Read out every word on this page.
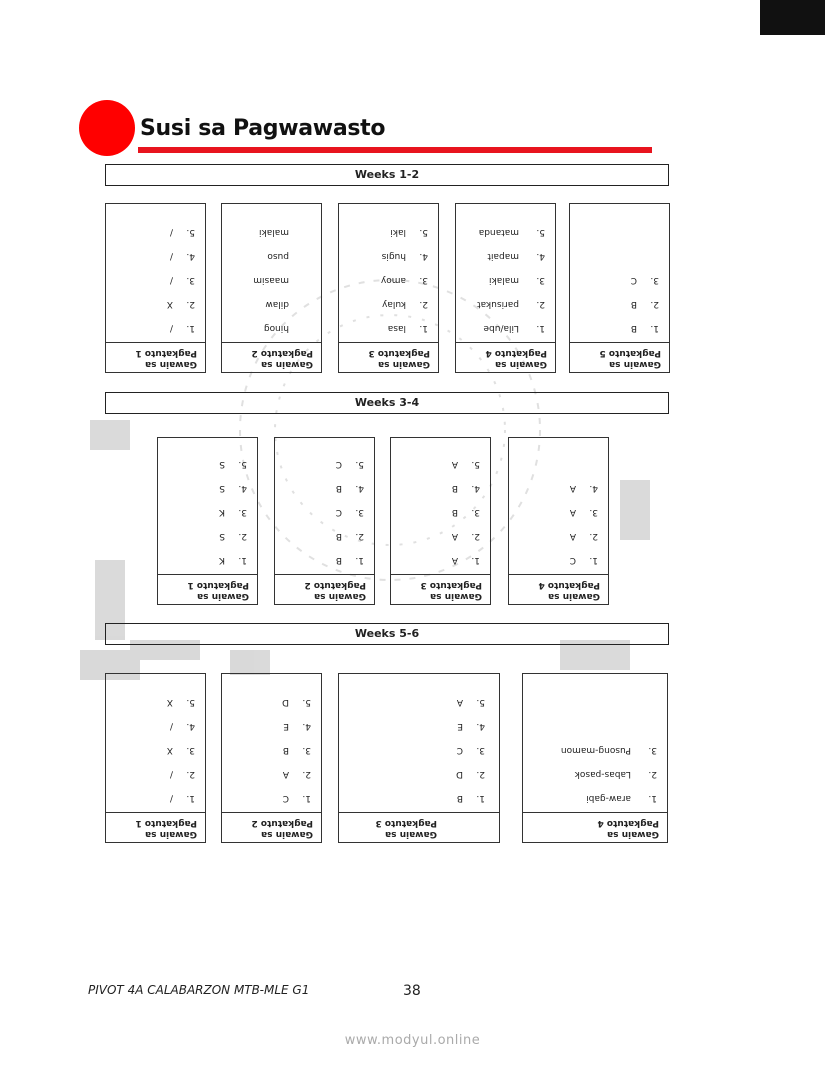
Susi sa Pagwawasto
Weeks 1-2
Weeks 3-4
Weeks 5-6
Gawain sa
Pagkatuto 5
1.
B
2.
B
3.
C
Gawain sa
Pagkatuto 4
1.
Lila/ube
2.
parisukat
3.
malaki
4.
mapait
5.
matanda
Gawain sa
Pagkatuto 3
1.
lasa
2.
kulay
3.
amoy
4.
hugis
5.
laki
Gawain sa
Pagkatuto 2
hinog
dilaw
maasim
puso
malaki
Gawain sa
Pagkatuto 1
1.
/
2.
X
3.
/
4.
/
5.
/
Gawain sa
Pagkatuto 4
1.
C
2.
A
3.
A
4.
A
Gawain sa
Pagkatuto 3
1.
A
2.
A
3.
B
4.
B
5.
A
Gawain sa
Pagkatuto 2
1.
B
2.
B
3.
C
4.
B
5.
C
Gawain sa
Pagkatuto 1
1.
K
2.
S
3.
K
4.
S
5.
S
Gawain sa
Pagkatuto 4
1.
araw-gabi
2.
Labas-pasok
3.
Pusong-mamon
Gawain sa
Pagkatuto 3
1.
B
2.
D
3.
C
4.
E
5.
A
Gawain sa
Pagkatuto 2
1.
C
2.
A
3.
B
4.
E
5.
D
Gawain sa
Pagkatuto 1
1.
/
2.
/
3.
X
4.
/
5.
X
PIVOT 4A CALABARZON MTB-MLE G1	38
www.modyul.online
